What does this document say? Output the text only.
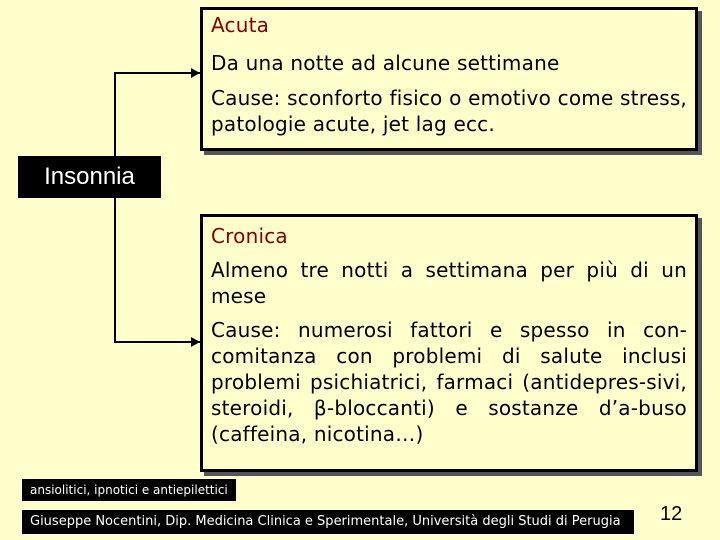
Acuta

Da una notte ad alcune settimane

Cause: sconforto fisico o emotivo come stress, patologie acute, jet lag ecc.

Insonnia

Cronica

Almeno tre notti a settimana per più di un mese

Cause: numerosi fattori e spesso in con-comitanza con problemi di salute inclusi problemi psichiatrici, farmaci (antidepres-sivi, steroidi, β-bloccanti) e sostanze d’a-buso (caffeina, nicotina…)

ansiolitici, ipnotici e antiepilettici
Giuseppe Nocentini, Dip. Medicina Clinica e Sperimentale, Università degli Studi di Perugia	12
